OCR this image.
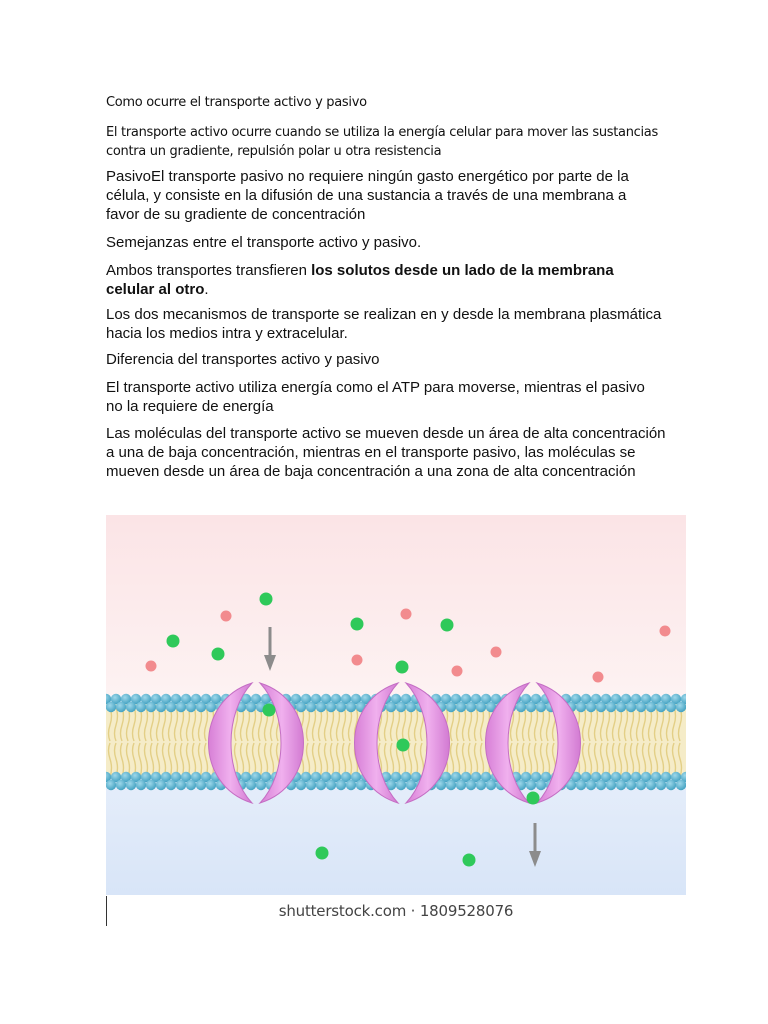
Como ocurre el transporte activo y pasivo

El transporte activo ocurre cuando se utiliza la energía celular para mover las sustancias contra un gradiente, repulsión polar u otra resistencia

PasivoEl transporte pasivo no requiere ningún gasto energético por parte de la célula, y consiste en la difusión de una sustancia a través de una membrana a favor de su gradiente de concentración

Semejanzas entre el transporte activo y pasivo.

Ambos transportes transfieren los solutos desde un lado de la membrana celular al otro.

Los dos mecanismos de transporte se realizan en y desde la membrana plasmática hacia los medios intra y extracelular.

Diferencia del transportes activo y pasivo

El transporte activo utiliza energía como el ATP para moverse, mientras el pasivo no la requiere de energía

Las moléculas del transporte activo se mueven desde un área de alta concentración a una de baja concentración, mientras en el transporte pasivo, las moléculas se mueven desde un área de baja concentración a una zona de alta concentración

shutterstock.com · 1809528076
